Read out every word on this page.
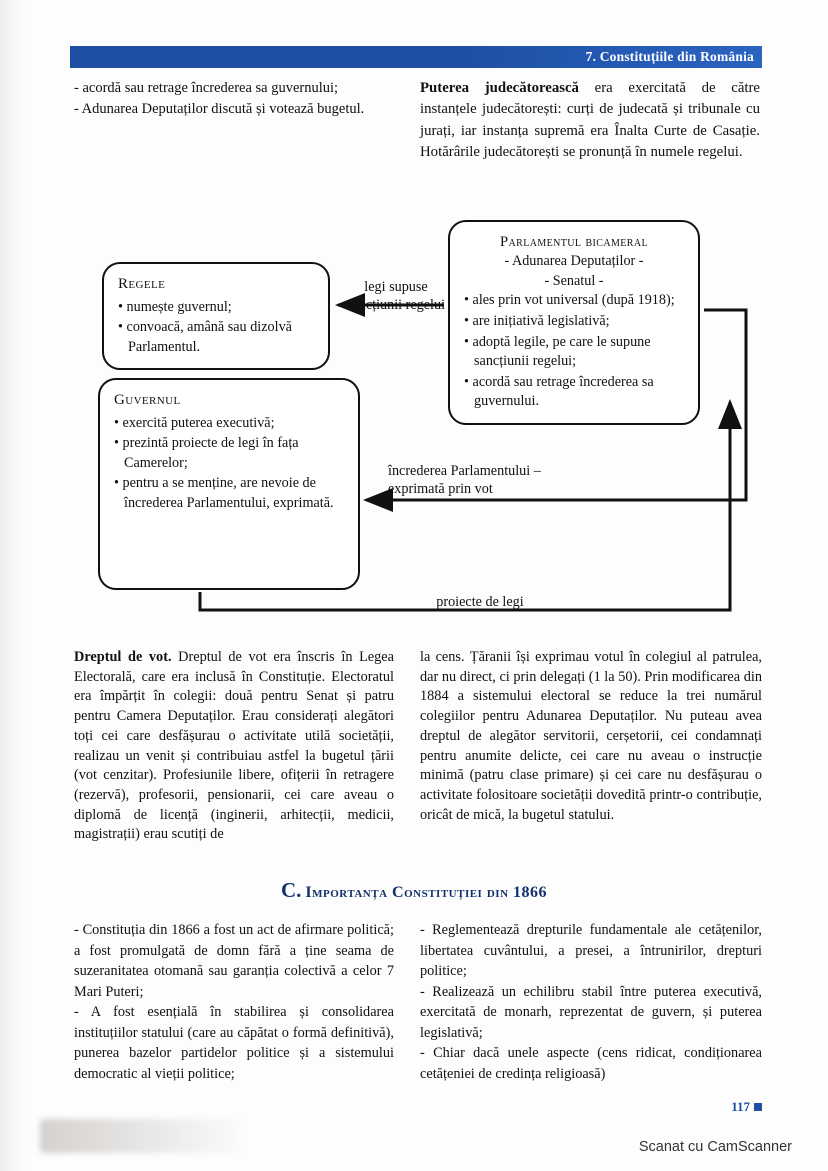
7. Constituțiile din România
- acordă sau retrage încrederea sa guvernului;
- Adunarea Deputaților discută și votează bugetul.
Puterea judecătorească era exercitată de către instanțele judecătorești: curți de judecată și tribunale cu jurați, iar instanța supremă era Înalta Curte de Casație. Hotărârile judecătorești se pronunță în numele regelui.
Regele
• numește guvernul;
• convoacă, amână sau dizolvă Parlamentul.
Guvernul
• exercită puterea executivă;
• prezintă proiecte de legi în fața Camerelor;
• pentru a se menține, are nevoie de încrederea Parlamentului, exprimată.
Parlamentul bicameral
- Adunarea Deputaților -
- Senatul -
• ales prin vot universal (după 1918);
• are inițiativă legislativă;
• adoptă legile, pe care le supune sancțiunii regelui;
• acordă sau retrage încrederea sa guvernului.
legi supuse
sancțiunii regelui
încrederea Parlamentului –
exprimată prin vot
proiecte de legi
Dreptul de vot. Dreptul de vot era înscris în Legea Electorală, care era inclusă în Constituție. Electoratul era împărțit în colegii: două pentru Senat și patru pentru Camera Deputaților. Erau considerați alegători toți cei care desfășurau o activitate utilă societății, realizau un venit și contribuiau astfel la bugetul țării (vot cenzitar). Profesiunile libere, ofițerii în retragere (rezervă), profesorii, pensionarii, cei care aveau o diplomă de licență (inginerii, arhitecții, medicii, magistrații) erau scutiți de
la cens. Țăranii își exprimau votul în colegiul al patrulea, dar nu direct, ci prin delegați (1 la 50). Prin modificarea din 1884 a sistemului electoral se reduce la trei numărul colegiilor pentru Adunarea Deputaților. Nu puteau avea dreptul de alegător servitorii, cerșetorii, cei condamnați pentru anumite delicte, cei care nu aveau o instrucție minimă (patru clase primare) și cei care nu desfășurau o activitate folositoare societății dovedită printr-o contribuție, oricât de mică, la bugetul statului.
C. Importanța Constituției din 1866
- Constituția din 1866 a fost un act de afirmare politică; a fost promulgată de domn fără a ține seama de suzeranitatea otomană sau garanția colectivă a celor 7 Mari Puteri;
- A fost esențială în stabilirea și consolidarea instituțiilor statului (care au căpătat o formă definitivă), punerea bazelor partidelor politice și a sistemului democratic al vieții politice;
- Reglementează drepturile fundamentale ale cetățenilor, libertatea cuvântului, a presei, a întrunirilor, drepturi politice;
- Realizează un echilibru stabil între puterea executivă, exercitată de monarh, reprezentat de guvern, și puterea legislativă;
- Chiar dacă unele aspecte (cens ridicat, condiționarea cetățeniei de credința religioasă)
117
Scanat cu CamScanner
